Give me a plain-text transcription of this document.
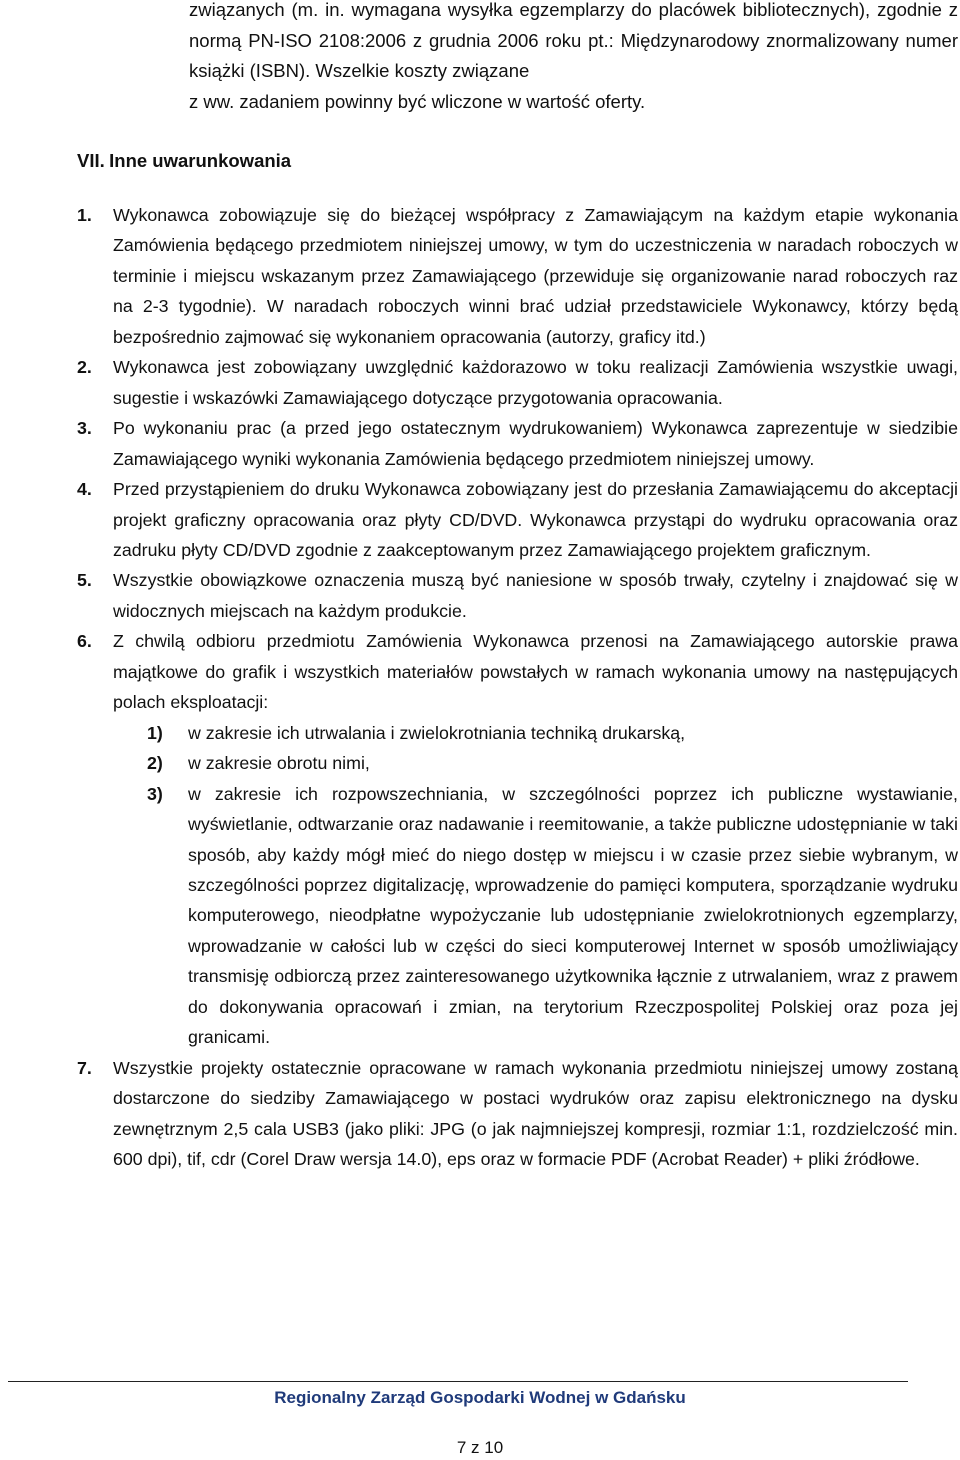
związanych (m. in. wymagana wysyłka egzemplarzy do placówek bibliotecznych), zgodnie z normą PN-ISO 2108:2006 z grudnia 2006 roku pt.: Międzynarodowy znormalizowany numer książki (ISBN). Wszelkie koszty związane
z ww. zadaniem powinny być wliczone w wartość oferty.

VII. Inne uwarunkowania
1. Wykonawca zobowiązuje się do bieżącej współpracy z Zamawiającym na każdym etapie wykonania Zamówienia będącego przedmiotem niniejszej umowy, w tym do uczestniczenia w naradach roboczych w terminie i miejscu wskazanym przez Zamawiającego (przewiduje się organizowanie narad roboczych raz na 2-3 tygodnie). W naradach roboczych winni brać udział przedstawiciele Wykonawcy, którzy będą bezpośrednio zajmować się wykonaniem opracowania (autorzy, graficy itd.)

2. Wykonawca jest zobowiązany uwzględnić każdorazowo w toku realizacji Zamówienia wszystkie uwagi, sugestie i wskazówki Zamawiającego dotyczące przygotowania opracowania.

3. Po wykonaniu prac (a przed jego ostatecznym wydrukowaniem) Wykonawca zaprezentuje w siedzibie Zamawiającego wyniki wykonania Zamówienia będącego przedmiotem niniejszej umowy.

4. Przed przystąpieniem do druku Wykonawca zobowiązany jest do przesłania Zamawiającemu do akceptacji projekt graficzny opracowania oraz płyty CD/DVD. Wykonawca przystąpi do wydruku opracowania oraz zadruku płyty CD/DVD zgodnie z zaakceptowanym przez Zamawiającego projektem graficznym.

5. Wszystkie obowiązkowe oznaczenia muszą być naniesione w sposób trwały, czytelny i znajdować się w widocznych miejscach na każdym produkcie.

6. Z chwilą odbioru przedmiotu Zamówienia Wykonawca przenosi na Zamawiającego autorskie prawa majątkowe do grafik i wszystkich materiałów powstałych w ramach wykonania umowy na następujących polach eksploatacji:

1) w zakresie ich utrwalania i zwielokrotniania techniką drukarską,
2) w zakresie obrotu nimi,
3) w zakresie ich rozpowszechniania, w szczególności poprzez ich publiczne wystawianie, wyświetlanie, odtwarzanie oraz nadawanie i reemitowanie, a także publiczne udostępnianie w taki sposób, aby każdy mógł mieć do niego dostęp w miejscu i w czasie przez siebie wybranym, w szczególności poprzez digitalizację, wprowadzenie do pamięci komputera, sporządzanie wydruku komputerowego, nieodpłatne wypożyczanie lub udostępnianie zwielokrotnionych egzemplarzy, wprowadzanie w całości lub w części do sieci komputerowej Internet w sposób umożliwiający transmisję odbiorczą przez zainteresowanego użytkownika łącznie z utrwalaniem, wraz z prawem do dokonywania opracowań i zmian, na terytorium Rzeczpospolitej Polskiej oraz poza jej granicami.
7. Wszystkie projekty ostatecznie opracowane w ramach wykonania przedmiotu niniejszej umowy zostaną dostarczone do siedziby Zamawiającego w postaci wydruków oraz zapisu elektronicznego na dysku zewnętrznym 2,5 cala USB3 (jako pliki: JPG (o jak najmniejszej kompresji, rozmiar 1:1, rozdzielczość min. 600 dpi), tif, cdr (Corel Draw wersja 14.0), eps oraz w formacie PDF (Acrobat Reader) + pliki źródłowe.

Regionalny Zarząd Gospodarki Wodnej w Gdańsku

7 z 10
